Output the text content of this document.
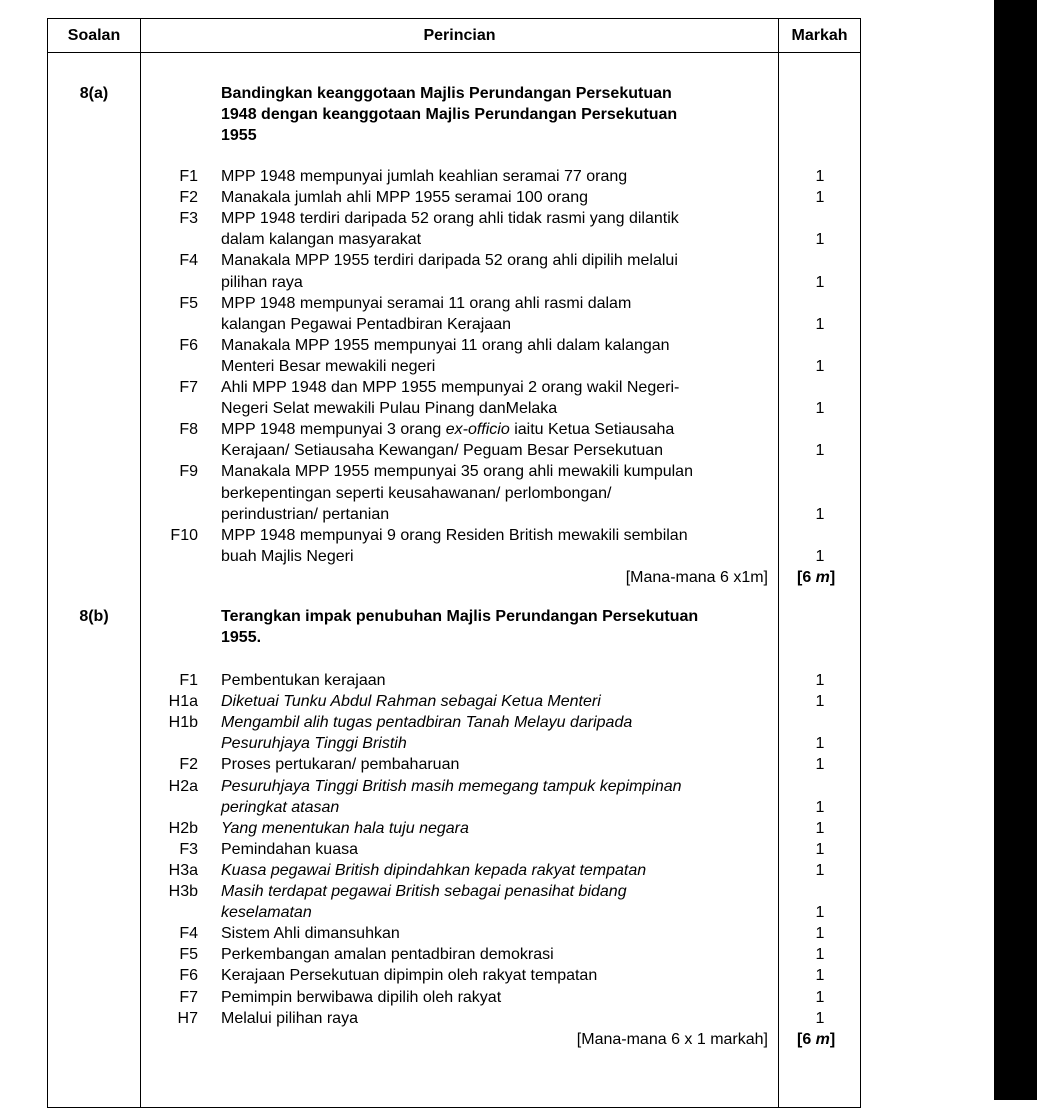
Soalan	Perincian	Markah
8(a)	Bandingkan keanggotaan Majlis Perundangan Persekutuan
1948 dengan keanggotaan Majlis Perundangan Persekutuan
1955
F1 MPP 1948 mempunyai jumlah keahlian seramai 77 orang	1
F2 Manakala jumlah ahli MPP 1955 seramai 100 orang	1
F3 MPP 1948 terdiri daripada 52 orang ahli tidak rasmi yang dilantik
dalam kalangan masyarakat	1
F4 Manakala MPP 1955 terdiri daripada 52 orang ahli dipilih melalui
pilihan raya	1
F5 MPP 1948 mempunyai seramai 11 orang ahli rasmi dalam
kalangan Pegawai Pentadbiran Kerajaan	1
F6 Manakala MPP 1955 mempunyai 11 orang ahli dalam kalangan
Menteri Besar mewakili negeri	1
F7 Ahli MPP 1948 dan MPP 1955 mempunyai 2 orang wakil Negeri-
Negeri Selat mewakili Pulau Pinang danMelaka	1
F8 MPP 1948 mempunyai 3 orang ex-officio iaitu Ketua Setiausaha
Kerajaan/ Setiausaha Kewangan/ Peguam Besar Persekutuan	1
F9 Manakala MPP 1955 mempunyai 35 orang ahli mewakili kumpulan
berkepentingan seperti keusahawanan/ perlombongan/
perindustrian/ pertanian	1
F10 MPP 1948 mempunyai 9 orang Residen British mewakili sembilan
buah Majlis Negeri	1
[Mana-mana 6 x1m] [6 m]
8(b)	Terangkan impak penubuhan Majlis Perundangan Persekutuan
1955.
F1 Pembentukan kerajaan	1
H1a Diketuai Tunku Abdul Rahman sebagai Ketua Menteri	1
H1b Mengambil alih tugas pentadbiran Tanah Melayu daripada
Pesuruhjaya Tinggi Bristih	1
F2 Proses pertukaran/ pembaharuan	1
H2a Pesuruhjaya Tinggi British masih memegang tampuk kepimpinan
peringkat atasan	1
H2b Yang menentukan hala tuju negara	1
F3 Pemindahan kuasa	1
H3a Kuasa pegawai British dipindahkan kepada rakyat tempatan	1
H3b Masih terdapat pegawai British sebagai penasihat bidang
keselamatan	1
F4 Sistem Ahli dimansuhkan	1
F5 Perkembangan amalan pentadbiran demokrasi	1
F6 Kerajaan Persekutuan dipimpin oleh rakyat tempatan	1
F7 Pemimpin berwibawa dipilih oleh rakyat	1
H7 Melalui pilihan raya	1
[Mana-mana 6 x 1 markah] [6 m]
